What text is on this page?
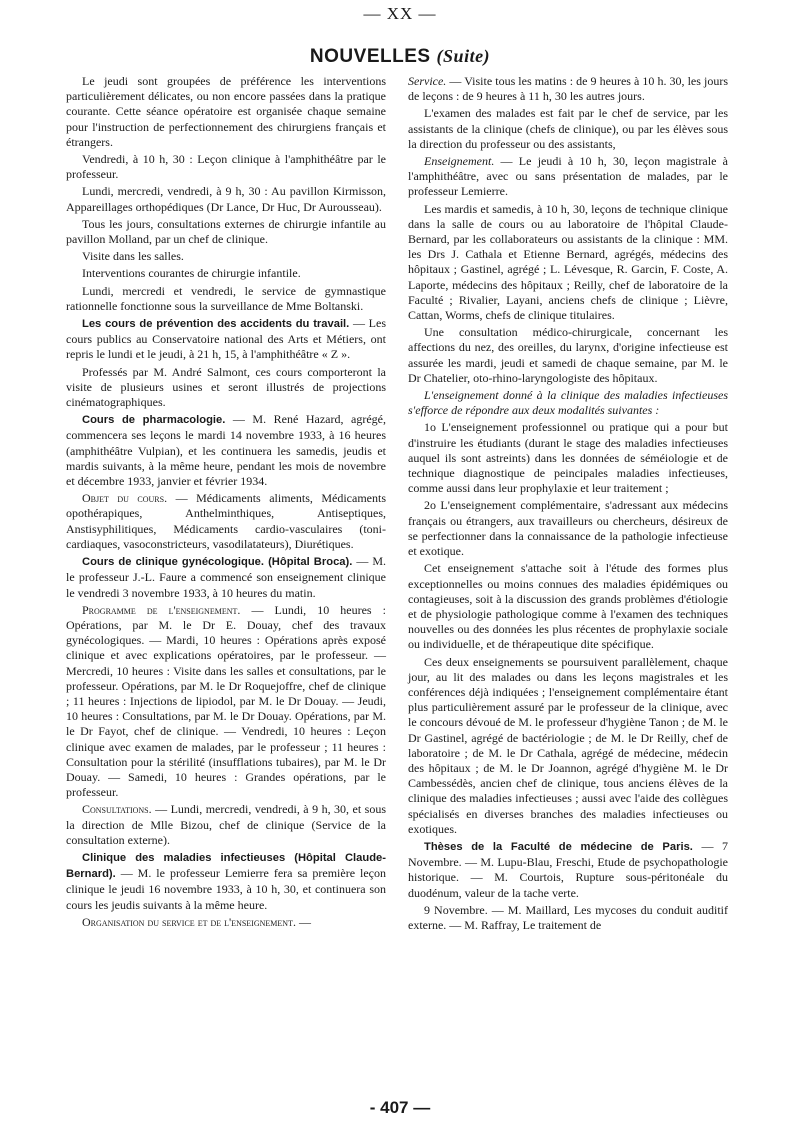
— XX —
NOUVELLES (Suite)

Le jeudi sont groupées de préférence les interventions particulièrement délicates, ou non encore passées dans la pratique courante. Cette séance opératoire est organisée chaque semaine pour l'instruction de perfectionnement des chirurgiens français et étrangers.

Vendredi, à 10 h, 30 : Leçon clinique à l'amphithéâtre par le professeur.

Lundi, mercredi, vendredi, à 9 h, 30 : Au pavillon Kirmisson, Appareillages orthopédiques (Dr Lance, Dr Huc, Dr Aurousseau).

Tous les jours, consultations externes de chirurgie infantile au pavillon Molland, par un chef de clinique.

Visite dans les salles.

Interventions courantes de chirurgie infantile.

Lundi, mercredi et vendredi, le service de gymnastique rationnelle fonctionne sous la surveillance de Mme Boltanski.

Les cours de prévention des accidents du travail. — Les cours publics au Conservatoire national des Arts et Métiers, ont repris le lundi et le jeudi, à 21 h, 15, à l'amphithéâtre « Z ».

Professés par M. André Salmont, ces cours comporteront la visite de plusieurs usines et seront illustrés de projections cinématographiques.

Cours de pharmacologie. — M. René Hazard, agrégé, commencera ses leçons le mardi 14 novembre 1933, à 16 heures (amphithéâtre Vulpian), et les continuera les samedis, jeudis et mardis suivants, à la même heure, pendant les mois de novembre et décembre 1933, janvier et février 1934.

Objet du cours. — Médicaments aliments, Médicaments opothérapiques, Anthelminthiques, Antiseptiques, Anstisyphilitiques, Médicaments cardio-vasculaires (toni-cardiaques, vasoconstricteurs, vasodilatateurs), Diurétiques.

Cours de clinique gynécologique. (Hôpital Broca). — M. le professeur J.-L. Faure a commencé son enseignement clinique le vendredi 3 novembre 1933, à 10 heures du matin.

Programme de l'enseignement. — Lundi, 10 heures : Opérations, par M. le Dr E. Douay, chef des travaux gynécologiques. — Mardi, 10 heures : Opérations après exposé clinique et avec explications opératoires, par le professeur. — Mercredi, 10 heures : Visite dans les salles et consultations, par le professeur. Opérations, par M. le Dr Roquejoffre, chef de clinique ; 11 heures : Injections de lipiodol, par M. le Dr Douay. — Jeudi, 10 heures : Consultations, par M. le Dr Douay. Opérations, par M. le Dr Fayot, chef de clinique. — Vendredi, 10 heures : Leçon clinique avec examen de malades, par le professeur ; 11 heures : Consultation pour la stérilité (insufflations tubaires), par M. le Dr Douay. — Samedi, 10 heures : Grandes opérations, par le professeur.

Consultations. — Lundi, mercredi, vendredi, à 9 h, 30, et sous la direction de Mlle Bizou, chef de clinique (Service de la consultation externe).

Clinique des maladies infectieuses (Hôpital Claude-Bernard). — M. le professeur Lemierre fera sa première leçon clinique le jeudi 16 novembre 1933, à 10 h, 30, et continuera son cours les jeudis suivants à la même heure.

Organisation du service et de l'enseignement. —

Service. — Visite tous les matins : de 9 heures à 10 h. 30, les jours de leçons : de 9 heures à 11 h, 30 les autres jours.

L'examen des malades est fait par le chef de service, par les assistants de la clinique (chefs de clinique), ou par les élèves sous la direction du professeur ou des assistants,

Enseignement. — Le jeudi à 10 h, 30, leçon magistrale à l'amphithéâtre, avec ou sans présentation de malades, par le professeur Lemierre.

Les mardis et samedis, à 10 h, 30, leçons de technique clinique dans la salle de cours ou au laboratoire de l'hôpital Claude-Bernard, par les collaborateurs ou assistants de la clinique : MM. les Drs J. Cathala et Etienne Bernard, agrégés, médecins des hôpitaux ; Gastinel, agrégé ; L. Lévesque, R. Garcin, F. Coste, A. Laporte, médecins des hôpitaux ; Reilly, chef de laboratoire de la Faculté ; Rivalier, Layani, anciens chefs de clinique ; Lièvre, Cattan, Worms, chefs de clinique titulaires.

Une consultation médico-chirurgicale, concernant les affections du nez, des oreilles, du larynx, d'origine infectieuse est assurée les mardi, jeudi et samedi de chaque semaine, par M. le Dr Chatelier, oto-rhino-laryngologiste des hôpitaux.

L'enseignement donné à la clinique des maladies infectieuses s'efforce de répondre aux deux modalités suivantes :

1o L'enseignement professionnel ou pratique qui a pour but d'instruire les étudiants (durant le stage des maladies infectieuses auquel ils sont astreints) dans les données de séméiologie et de technique diagnostique de peincipales maladies infectieuses, comme aussi dans leur prophylaxie et leur traitement ;

2o L'enseignement complémentaire, s'adressant aux médecins français ou étrangers, aux travailleurs ou chercheurs, désireux de se perfectionner dans la connaissance de la pathologie infectieuse et exotique.

Cet enseignement s'attache soit à l'étude des formes plus exceptionnelles ou moins connues des maladies épidémiques ou contagieuses, soit à la discussion des grands problèmes d'étiologie et de physiologie pathologique comme à l'examen des techniques nouvelles ou des données les plus récentes de prophylaxie sociale ou individuelle, et de thérapeutique dite spécifique.

Ces deux enseignements se poursuivent parallèlement, chaque jour, au lit des malades ou dans les leçons magistrales et les conférences déjà indiquées ; l'enseignement complémentaire étant plus particulièrement assuré par le professeur de la clinique, avec le concours dévoué de M. le professeur d'hygiène Tanon ; de M. le Dr Gastinel, agrégé de bactériologie ; de M. le Dr Reilly, chef de laboratoire ; de M. le Dr Cathala, agrégé de médecine, médecin des hôpitaux ; de M. le Dr Joannon, agrégé d'hygiène M. le Dr Cambessédès, ancien chef de clinique, tous anciens élèves de la clinique des maladies infectieuses ; aussi avec l'aide des collègues spécialisés en diverses branches des maladies infectieuses ou exotiques.

Thèses de la Faculté de médecine de Paris. — 7 Novembre. — M. Lupu-Blau, Freschi, Etude de psychopathologie historique. — M. Courtois, Rupture sous-péritonéale du duodénum, valeur de la tache verte.

9 Novembre. — M. Maillard, Les mycoses du conduit auditif externe. — M. Raffray, Le traitement de

- 407 —
